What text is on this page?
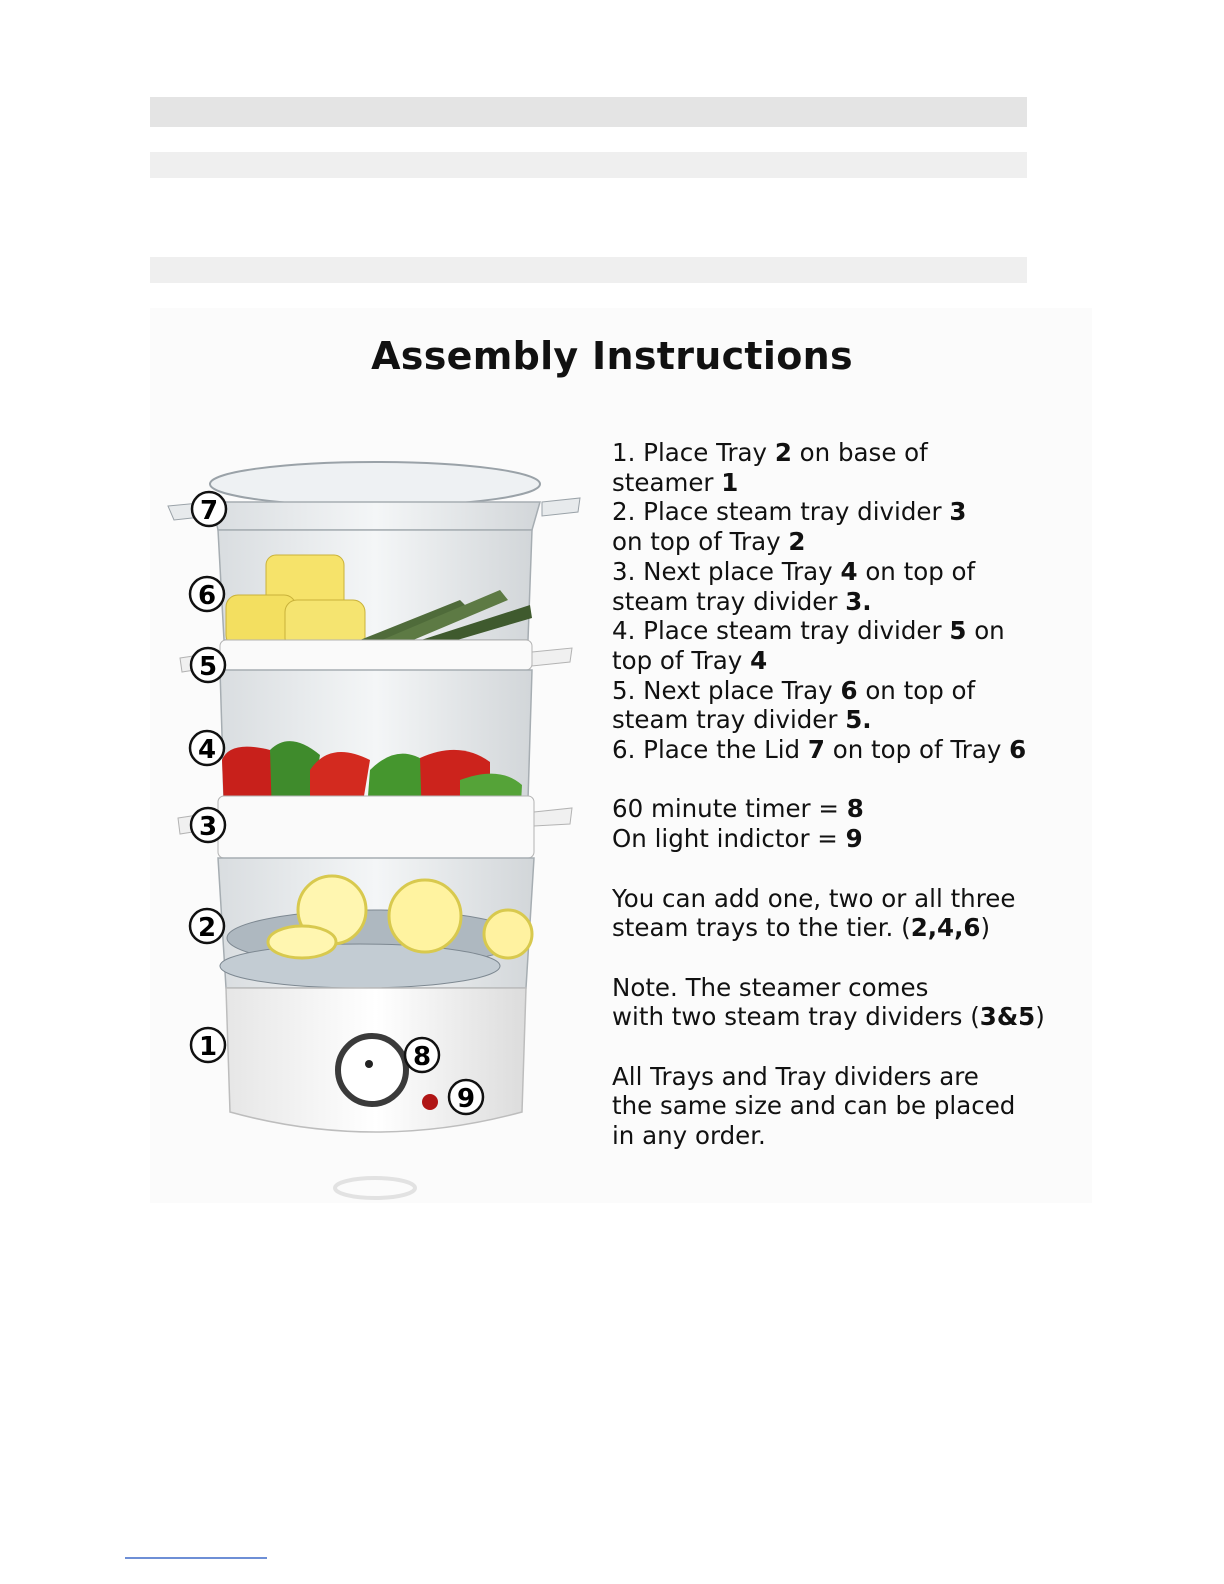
Assembly Instructions
7
6
5
4
3
2
1	8
9
1. Place Tray 2 on base of
steamer 1
2. Place steam tray divider 3
on top of Tray 2
3. Next place Tray 4 on top of
steam tray divider 3.
4. Place steam tray divider 5 on
top of Tray 4
5. Next place Tray 6 on top of
steam tray divider 5.
6. Place the Lid 7 on top of Tray 6
60 minute timer = 8
On light indictor = 9
You can add one, two or all three
steam trays to the tier. (2,4,6)
Note. The steamer comes
with two steam tray dividers (3&5)
All Trays and Tray dividers are
the same size and can be placed
in any order.
